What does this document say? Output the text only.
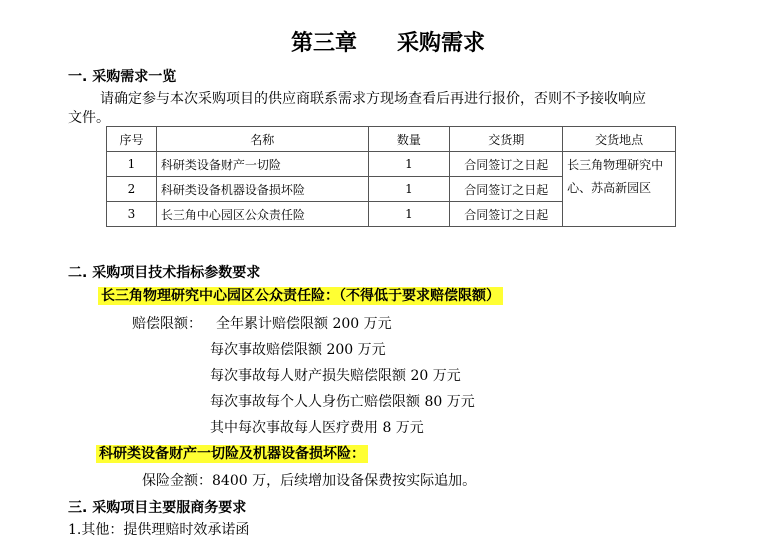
第三章 采购需求
一. 采购需求一览
请确定参与本次采购项目的供应商联系需求方现场查看后再进行报价，否则不予接收响应
文件。
序号	名称	数量	交货期	交货地点
1	科研类设备财产一切险	1	合同签订之日起	长三角物理研究中心、苏高新园区
2	科研类设备机器设备损坏险	1	合同签订之日起	
3	长三角中心园区公众责任险	1	合同签订之日起	
二. 采购项目技术指标参数要求
长三角物理研究中心园区公众责任险：（不得低于要求赔偿限额）
赔偿限额： 全年累计赔偿限额 200 万元
每次事故赔偿限额 200 万元
每次事故每人财产损失赔偿限额 20 万元
每次事故每个人人身伤亡赔偿限额 80 万元
其中每次事故每人医疗费用 8 万元
科研类设备财产一切险及机器设备损坏险：
保险金额：8400 万，后续增加设备保费按实际追加。
三. 采购项目主要服商务要求
1.其他：提供理赔时效承诺函
